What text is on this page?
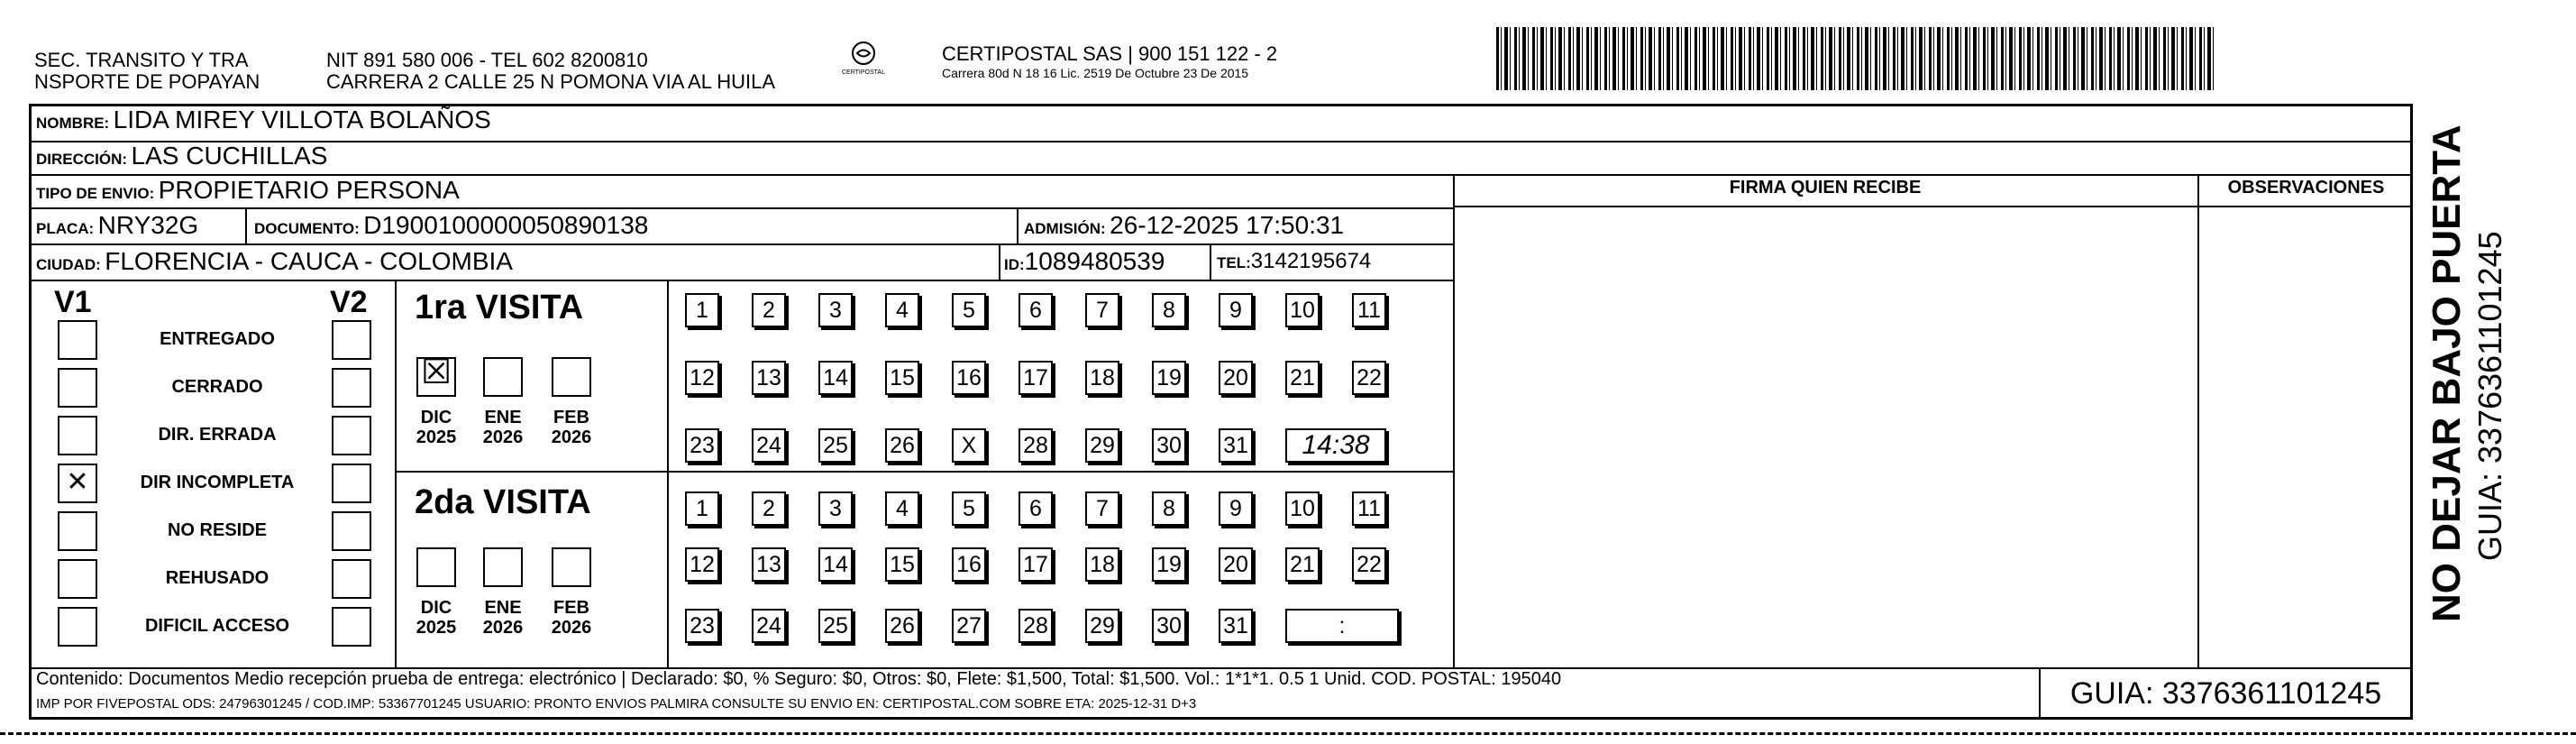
SEC. TRANSITO Y TRA
NSPORTE DE POPAYAN
NIT 891 580 006 - TEL 602 8200810
CARRERA 2 CALLE 25 N POMONA VIA AL HUILA	CERTIPOSTAL
CERTIPOSTAL SAS | 900 151 122 - 2
Carrera 80d N 18 16 Lic. 2519 De Octubre 23 De 2015
FIRMA QUIEN RECIBE	OBSERVACIONES
NOMBRE: LIDA MIREY VILLOTA BOLAÑOS
DIRECCIÓN: LAS CUCHILLAS
TIPO DE ENVIO: PROPIETARIO PERSONA
PLACA: NRY32G	DOCUMENTO: D1900100000050890138	ADMISIÓN: 26-12-2025 17:50:31
CIUDAD: FLORENCIA - CAUCA - COLOMBIA	ID:1089480539	TEL:3142195674
V1	V2
ENTREGADO
CERRADO
DIR. ERRADA
✕	DIR INCOMPLETA
NO RESIDE
REHUSADO
DIFICIL ACCESO
1ra VISITA
2da VISITA
☒
DIC
2025
ENE
2026
FEB
2026
DIC
2025
ENE
2026
FEB
2026
1	2	3	4	5	6	7	8	9	10 11
12 13 14 15 16 17 18 19 20 21 22
23 24 25 26	X	28 29 30 31	14:38
1	2	3	4	5	6	7	8	9	10 11
12 13 14 15 16 17 18 19 20 21 22
23 24 25 26 27 28 29 30 31	:
Contenido: Documentos Medio recepción prueba de entrega: electrónico | Declarado: $0, % Seguro: $0, Otros: $0, Flete: $1,500, Total: $1,500. Vol.: 1*1*1. 0.5 1 Unid. COD. POSTAL: 195040
IMP POR FIVEPOSTAL ODS: 24796301245 / COD.IMP: 53367701245 USUARIO: PRONTO ENVIOS PALMIRA CONSULTE SU ENVIO EN: CERTIPOSTAL.COM SOBRE ETA: 2025-12-31 D+3	GUIA: 3376361101245
NO DEJAR BAJO PUERTA GUIA: 3376361101245
